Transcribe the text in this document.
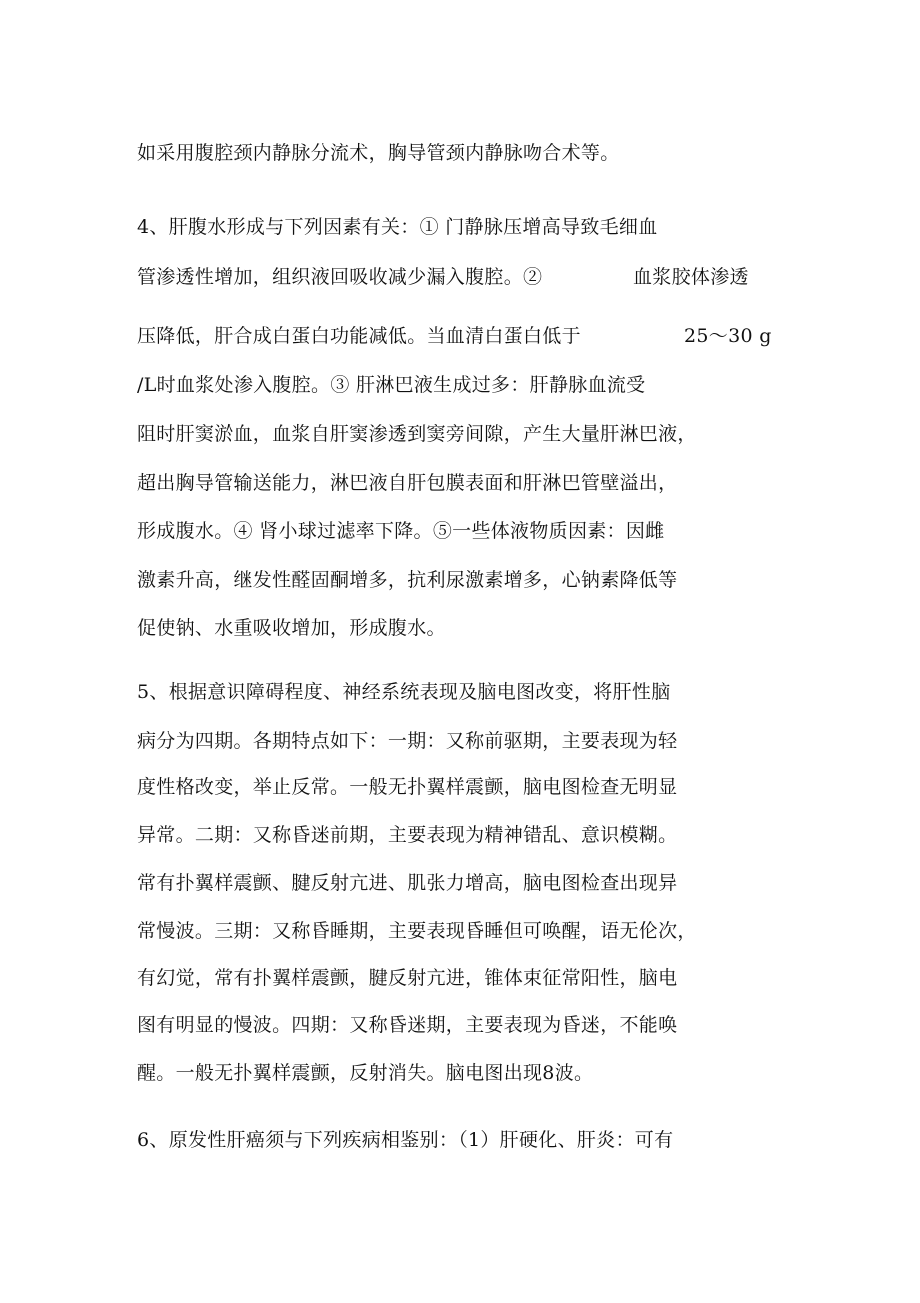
如采用腹腔颈内静脉分流术，胸导管颈内静脉吻合术等。
4、肝腹水形成与下列因素有关：① 门静脉压增高导致毛细血
管渗透性增加，组织液回吸收减少漏入腹腔。②	血浆胶体渗透
压降低，肝合成白蛋白功能减低。当血清白蛋白低于	25～30 g
/L时血浆处渗入腹腔。③ 肝淋巴液生成过多：肝静脉血流受
阻时肝窦淤血，血浆自肝窦渗透到窦旁间隙，产生大量肝淋巴液，
超出胸导管输送能力，淋巴液自肝包膜表面和肝淋巴管壁溢出，
形成腹水。④ 肾小球过滤率下降。⑤一些体液物质因素：因雌
激素升高，继发性醛固酮增多，抗利尿激素增多，心钠素降低等
促使钠、水重吸收增加，形成腹水。
5、根据意识障碍程度、神经系统表现及脑电图改变，将肝性脑
病分为四期。各期特点如下：一期：又称前驱期，主要表现为轻
度性格改变，举止反常。一般无扑翼样震颤，脑电图检查无明显
异常。二期：又称昏迷前期，主要表现为精神错乱、意识模糊。
常有扑翼样震颤、腱反射亢进、肌张力增高，脑电图检查出现异
常慢波。三期：又称昏睡期，主要表现昏睡但可唤醒，语无伦次，
有幻觉，常有扑翼样震颤，腱反射亢进，锥体束征常阳性，脑电
图有明显的慢波。四期：又称昏迷期，主要表现为昏迷，不能唤
醒。一般无扑翼样震颤，反射消失。脑电图出现8波。
6、原发性肝癌须与下列疾病相鉴别：（1）肝硬化、肝炎：可有
